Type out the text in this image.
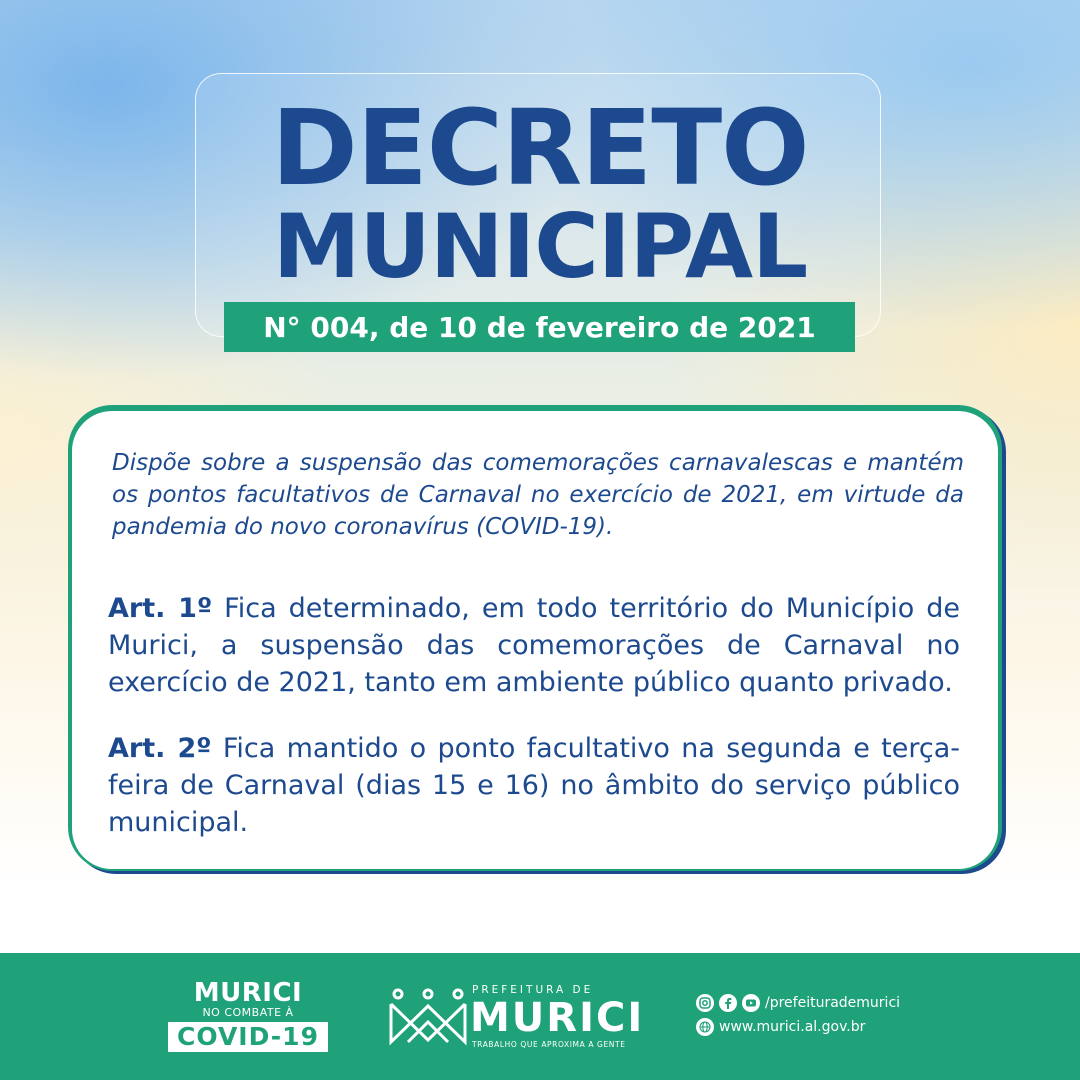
DECRETO
MUNICIPAL
N° 004, de 10 de fevereiro de 2021
Dispõe sobre a suspensão das comemorações carnavalescas e mantém os pontos facultativos de Carnaval no exercício de 2021, em virtude da pandemia do novo coronavírus (COVID-19).
Art. 1º Fica determinado, em todo território do Município de Murici, a suspensão das comemorações de Carnaval no exercício de 2021, tanto em ambiente público quanto privado.
Art. 2º Fica mantido o ponto facultativo na segunda e terça-feira de Carnaval (dias 15 e 16) no âmbito do serviço público municipal.
MURICI
NO COMBATE À
COVID-19
PREFEITURA DE
MURICI
TRABALHO QUE APROXIMA A GENTE
/prefeiturademurici
www.murici.al.gov.br
